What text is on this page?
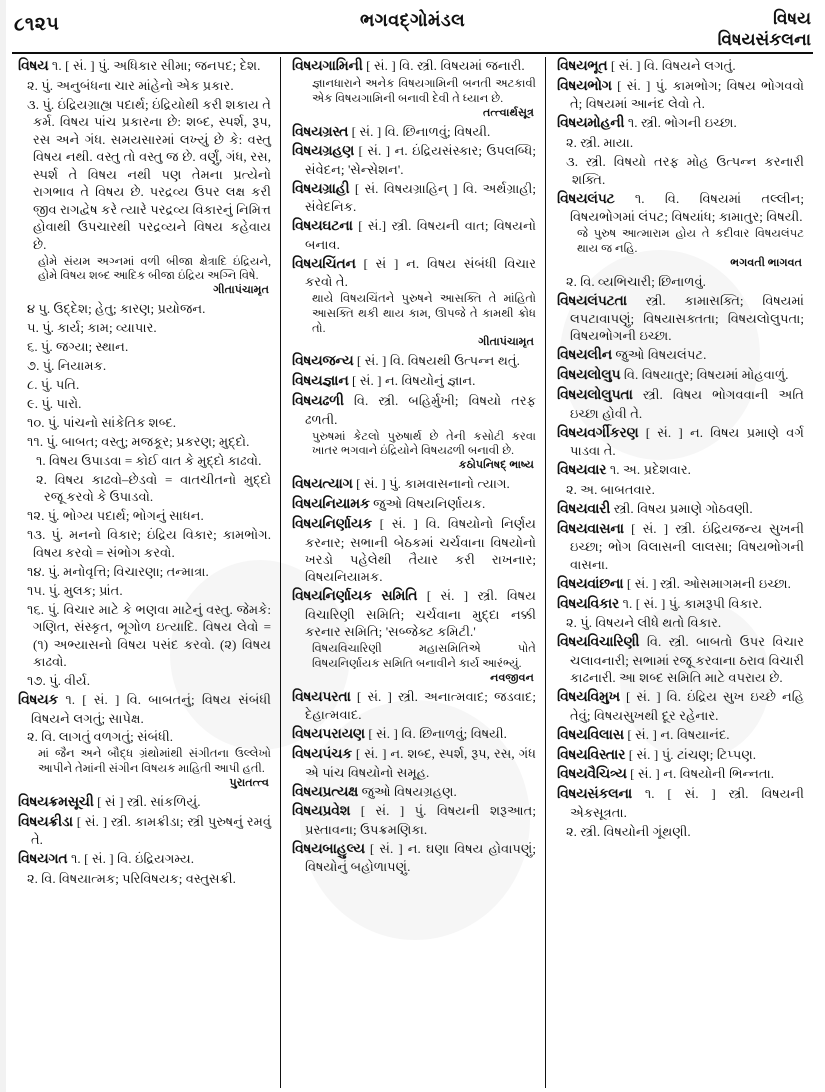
૮૧૨૫	ભગવદ્ગોમંડલ	વિષય
વિષયસંકલના

વિષય ૧. [ સં. ] પું. અધિકાર સીમા; જનપદ; દેશ.

૨. પું. અનુબંધના ચાર માંહેનો એક પ્રકાર.

૩. પું. ઇંદ્રિયગ્રાહ્ય પદાર્થ; ઇંદ્રિયોથી કરી શકાય તે કર્મ. વિષય પાંચ પ્રકારના છે: શબ્દ, સ્પર્શ, રૂપ, રસ અને ગંધ. સમયસારમાં લખ્યું છે કે: વસ્તુ વિષય નથી. વસ્તુ તો વસ્તુ જ છે. વર્ણું, ગંધ, રસ, સ્પર્શ તે વિષય નથી પણ તેમના પ્રત્યેનો રાગભાવ તે વિષય છે. પરદ્રવ્ય ઉપર લક્ષ કરી જીવ રાગદ્વેષ કરે ત્યારે પરદ્રવ્ય વિકારનું નિમિત્ત હોવાથી ઉપચારથી પરદ્રવ્યને વિષય કહેવાય છે.

હોમે સંયમ અગ્નમાં વળી બીજા ક્ષેત્રાદિ ઇંદ્રિયને, હોમે વિષય શબ્દ આદિક બીજા ઇંદ્રિય અગ્નિ વિષે.

ગીતાપંચામૃત

૪ પુ. ઉદ્દેશ; હેતુ; કારણ; પ્રયોજન.

૫. પું. કાર્ય; કામ; વ્યાપાર.

૬. પું. જગ્યા; સ્થાન.

૭. પું. નિયામક.

૮. પું. પતિ.

૯. પું. પારો.

૧૦. પું. પાંચનો સાંકેતિક શબ્દ.

૧૧. પું. બાબત; વસ્તુ; મજકૂર; પ્રકરણ; મુદ્દો.

૧. વિષય ઉપાડવા = કોઈ વાત કે મુદ્દો કાઢવો.

૨. વિષય કાઢવો–છેડવો = વાતચીતનો મુદ્દો રજૂ કરવો કે ઉપાડવો.

૧૨. પું. ભોગ્ય પદાર્થ; ભોગનું સાધન.

૧૩. પું. મનનો વિકાર; ઇંદ્રિય વિકાર; કામભોગ. વિષય કરવો = સંભોગ કરવો.

૧૪. પું. મનોવૃત્તિ; વિચારણા; તન્માત્રા.

૧૫. પું. મુલક; પ્રાંત.

૧૬. પું. વિચાર માટે કે ભણવા માટેનું વસ્તુ. જેમકે: ગણિત, સંસ્કૃત, ભૂગોળ ઇત્યાદિ. વિષય લેવો = (૧) અભ્યાસનો વિષય પસંદ કરવો. (૨) વિષય કાઢવો.

૧૭. પું. વીર્ય.

વિષયક ૧. [ સં. ] વિ. બાબતનું; વિષય સંબંધી વિષયને લગતું; સાપેક્ષ.

૨. વિ. લાગતું વળગતું; સંબંધી.

માં જૈન અને બૌદ્ધ ગ્રંથોમાંથી સંગીતના ઉલ્લેખો આપીને તેમાંની સંગીન વિષયક માહિતી આપી હતી.

પુરાતત્ત્વ

વિષયક્રમસૂચી [ સં ] સ્ત્રી. સાંકળિયું.

વિષયક્રીડા [ સં. ] સ્ત્રી. કામક્રીડા; સ્ત્રી પુરુષનું રમવું તે.

વિષયગત ૧. [ સં. ] વિ. ઇંદ્રિયગમ્ય.

૨. વિ. વિષયાત્મક; પરિવિષયક; વસ્તુસક્રી.

વિષયગામિની [ સં. ] વિ. સ્ત્રી. વિષયમાં જનારી.

જ્ઞાનધારાને અનેક વિષયગામિની બનતી અટકાવી એક વિષયગામિની બનાવી દેવી તે ધ્યાન છે.

તત્ત્વાર્થસૂત્ર

વિષયગ્રસ્ત [ સં. ] વિ. છિનાળવું; વિષયી.

વિષયગ્રહણ [ સં. ] ન. ઇંદ્રિયસંસ્કાર; ઉપલબ્ધિ; સંવેદન; 'સેન્સેશન'.

વિષયગ્રાહી [ સં. વિષયગ્રાહિન્ ] વિ. અર્થગ્રાહી; સંવેદનિક.

વિષયઘટના [ સં.] સ્ત્રી. વિષયની વાત; વિષયનો બનાવ.

વિષયચિંતન [ સં ] ન. વિષય સંબંધી વિચાર કરવો તે.

થાયે વિષયચિંતને પુરુષને આસક્તિ તે માંહિતો આસક્તિ થકી થાય કામ, ઊપજે તે કામથી ક્રોધ તો.

ગીતાપંચામૃત

વિષયજન્ય [ સં. ] વિ. વિષયથી ઉત્પન્ન થતું.

વિષયજ્ઞાન [ સં. ] ન. વિષયોનું જ્ઞાન.

વિષયઢળી વિ. સ્ત્રી. બહિર્મુખી; વિષયો તરફ ઢળતી.

પુરુષમાં કેટલો પુરુષાર્થ છે તેની કસોટી કરવા ખાતર ભગવાને ઇંદ્રિયોને વિષયઢળી બનાવી છે.

કઠોપનિષદ્ ભાષ્ય

વિષયત્યાગ [ સં. ] પું. કામવાસનાનો ત્યાગ.

વિષયનિયામક જુઓ વિષયનિર્ણાયક.

વિષયનિર્ણાયક [ સં. ] વિ. વિષયોનો નિર્ણય કરનાર; સભાની બેઠકમાં ચર્ચવાના વિષયોનો ખરડો પહેલેથી તૈયાર કરી રાખનાર; વિષયનિયામક.

વિષયનિર્ણાયક સમિતિ [ સં. ] સ્ત્રી. વિષય વિચારિણી સમિતિ; ચર્ચવાના મુદ્દા નક્કી કરનાર સમિતિ; 'સબ્જેક્ટ કમિટી.'

વિષયવિચારિણી મહાસમિતિએ પોતે વિષયનિર્ણાયક સમિતિ બનાવીને કાર્ય આરંભ્યું.

નવજીવન

વિષયપરતા [ સં. ] સ્ત્રી. અનાત્મવાદ; જડવાદ; દેહાત્મવાદ.

વિષયપરાયણ [ સં. ] વિ. છિનાળવું; વિષયી.

વિષયપંચક [ સં. ] ન. શબ્દ, સ્પર્શ, રૂપ, રસ, ગંધ એ પાંચ વિષયોનો સમૂહ.

વિષયપ્રત્યક્ષ જુઓ વિષયગ્રહણ.

વિષયપ્રવેશ [ સં. ] પું. વિષયની શરૂઆત; પ્રસ્તાવના; ઉપક્રમણિકા.

વિષયબાહુલ્ય [ સં. ] ન. ઘણા વિષય હોવાપણું; વિષયોનું બહોળાપણું.

વિષયભૂત [ સં. ] વિ. વિષયને લગતું.

વિષયભોગ [ સં. ] પું. કામભોગ; વિષય ભોગવવો તે; વિષયમાં આનંદ લેવો તે.

વિષયમોહની ૧. સ્ત્રી. ભોગની ઇચ્છા.

૨. સ્ત્રી. માયા.

૩. સ્ત્રી. વિષયો તરફ મોહ ઉત્પન્ન કરનારી શક્તિ.

વિષયલંપટ ૧. વિ. વિષયમાં તલ્લીન; વિષયભોગમાં લંપટ; વિષયાંધ; કામાતુર; વિષયી.

જે પુરુષ આત્મારામ હોય તે કદીવાર વિષયલંપટ થાય જ નહિ.

ભગવતી ભાગવત

૨. વિ. વ્યભિચારી; છિનાળવું.

વિષયલંપટતા સ્ત્રી. કામાસક્તિ; વિષયમાં લપટાવાપણું; વિષયાસક્તતા; વિષયલોલુપતા; વિષયભોગની ઇચ્છા.

વિષયલીન જુઓ વિષયલંપટ.

વિષયલોલુપ વિ. વિષયાતુર; વિષયમાં મોહવાળું.

વિષયલોલુપતા સ્ત્રી. વિષય ભોગવવાની અતિ ઇચ્છા હોવી તે.

વિષયવર્ગીકરણ [ સં. ] ન. વિષય પ્રમાણે વર્ગ પાડવા તે.

વિષયવાર ૧. અ. પ્રદેશવાર.

૨. અ. બાબતવાર.

વિષયવારી સ્ત્રી. વિષય પ્રમાણે ગોઠવણી.

વિષયવાસના [ સં. ] સ્ત્રી. ઇંદ્રિયજન્ય સુખની ઇચ્છા; ભોગ વિલાસની લાલસા; વિષયભોગની વાસના.

વિષયવાંછના [ સં. ] સ્ત્રી. ઓસમાગમની ઇચ્છા.

વિષયવિકાર ૧. [ સં. ] પું. કામરૂપી વિકાર.

૨. પું. વિષયને લીધે થતો વિકાર.

વિષયવિચારિણી વિ. સ્ત્રી. બાબતો ઉપર વિચાર ચલાવનારી; સભામાં રજૂ કરવાના ઠરાવ વિચારી કાઢનારી. આ શબ્દ સમિતિ માટે વપરાય છે.

વિષયવિમુખ [ સં. ] વિ. ઇંદ્રિય સુખ ઇચ્છે નહિ તેવું; વિષયસુખથી દૂર રહેનાર.

વિષયવિલાસ [ સં. ] ન. વિષયાનંદ.

વિષયવિસ્તાર [ સં. ] પું. ટાંચણ; ટિપ્પણ.

વિષયવૈચિત્ર્ય [ સં. ] ન. વિષયોની ભિન્નતા.

વિષયસંકલના ૧. [ સં. ] સ્ત્રી. વિષયની એકસૂત્રતા.

૨. સ્ત્રી. વિષયોની ગૂંથણી.
